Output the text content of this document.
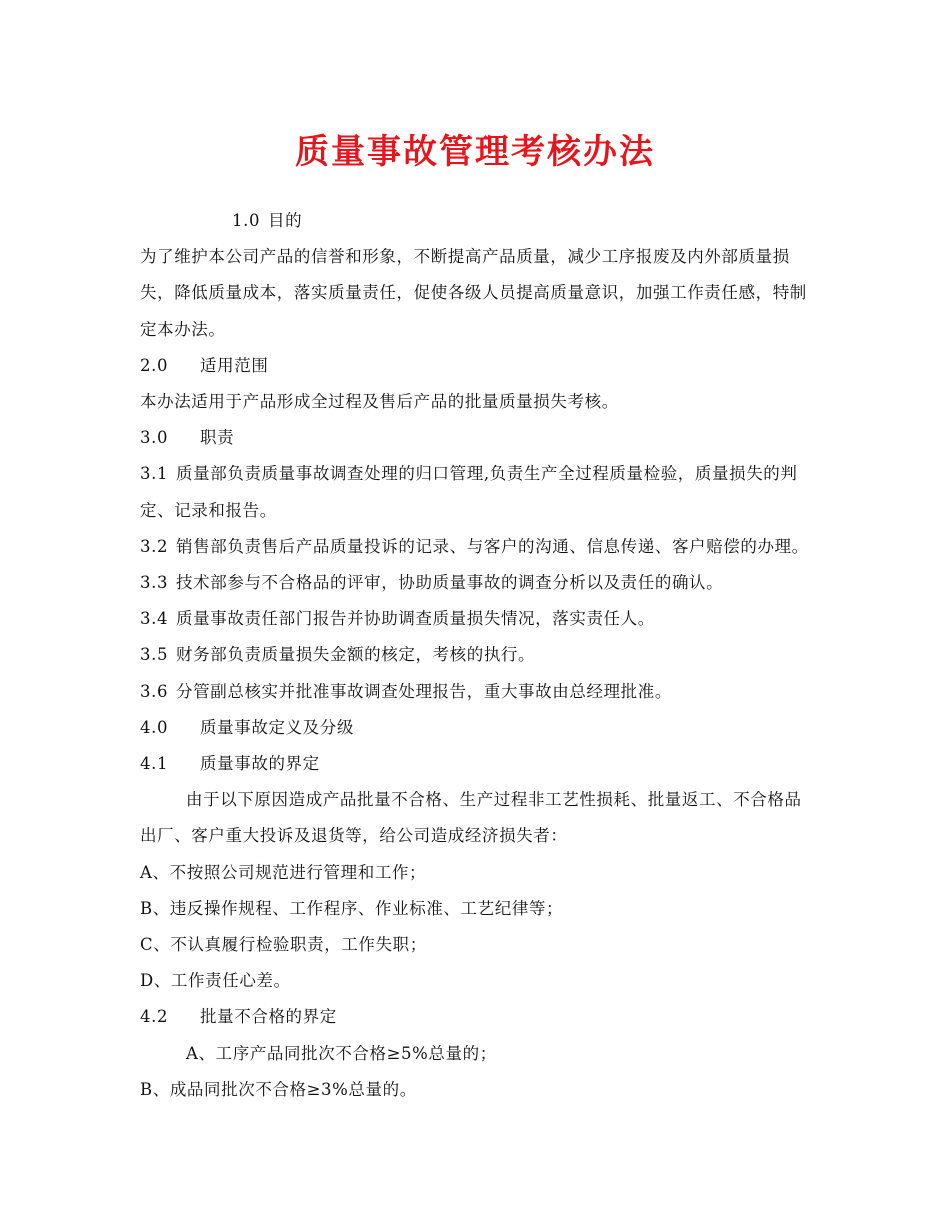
质量事故管理考核办法

1.0 目的

为了维护本公司产品的信誉和形象，不断提高产品质量，减少工序报废及内外部质量损失，降低质量成本，落实质量责任，促使各级人员提高质量意识，加强工作责任感，特制定本办法。

2.0 适用范围

本办法适用于产品形成全过程及售后产品的批量质量损失考核。

3.0 职责

3.1 质量部负责质量事故调查处理的归口管理,负责生产全过程质量检验，质量损失的判定、记录和报告。

3.2 销售部负责售后产品质量投诉的记录、与客户的沟通、信息传递、客户赔偿的办理。

3.3 技术部参与不合格品的评审，协助质量事故的调查分析以及责任的确认。

3.4 质量事故责任部门报告并协助调查质量损失情况，落实责任人。

3.5 财务部负责质量损失金额的核定，考核的执行。

3.6 分管副总核实并批准事故调查处理报告，重大事故由总经理批准。

4.0 质量事故定义及分级

4.1 质量事故的界定

由于以下原因造成产品批量不合格、生产过程非工艺性损耗、批量返工、不合格品出厂、客户重大投诉及退货等，给公司造成经济损失者：

A、不按照公司规范进行管理和工作；

B、违反操作规程、工作程序、作业标准、工艺纪律等；

C、不认真履行检验职责，工作失职；

D、工作责任心差。

4.2 批量不合格的界定

A、工序产品同批次不合格≥5%总量的；

B、成品同批次不合格≥3%总量的。
